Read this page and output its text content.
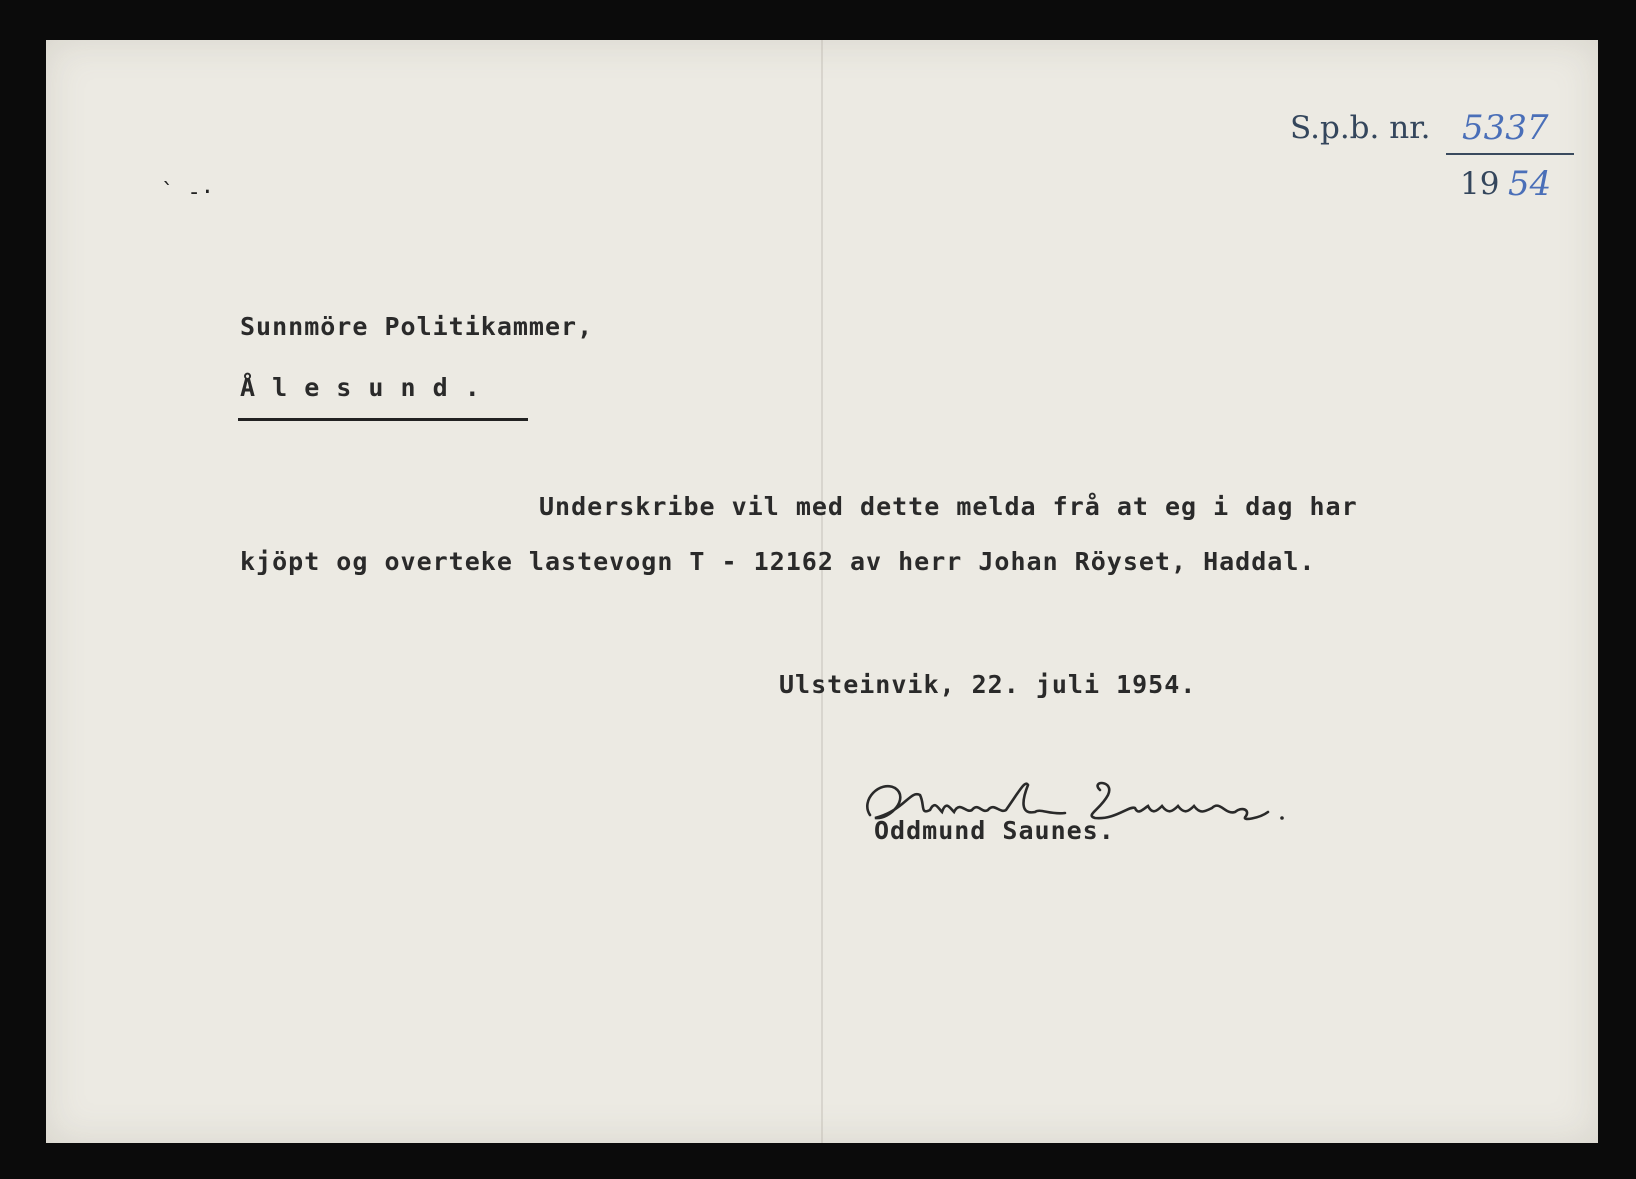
` -·
S.p.b. nr. 5337
19 54
Sunnmöre Politikammer,
Å l e s u n d .
Underskribe vil med dette melda frå at eg i dag har
kjöpt og overteke lastevogn T - 12162 av herr Johan Röyset, Haddal.
Ulsteinvik, 22. juli 1954.
Oddmund Saunes.
